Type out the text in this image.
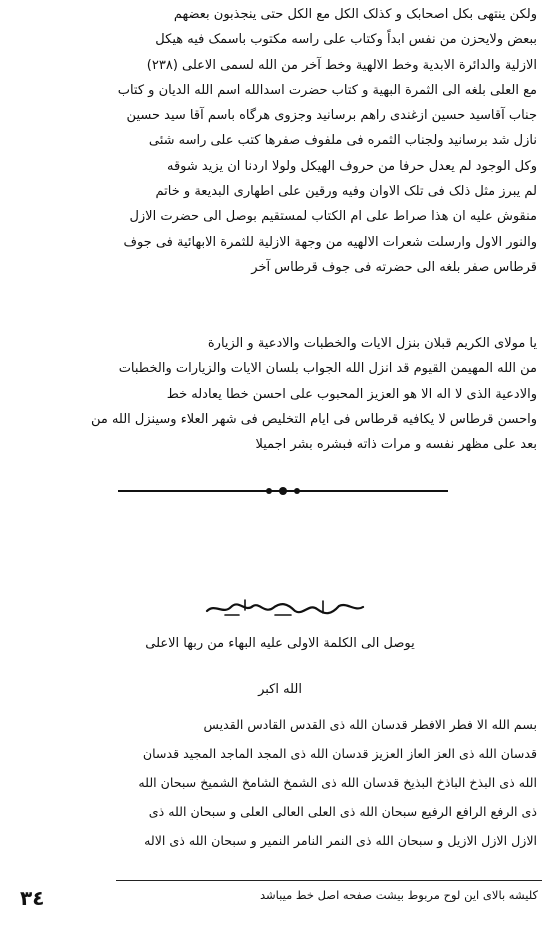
ولکن ینتهی بکل اصحابک و کذلک الکل مع الکل حتی ینجذبون بعضهم
ببعض ولایحزن من نفس ابداً وکتاب علی راسه مکتوب باسمک فیه هیکل
الازلیة والدائرة الابدیة وخط الالهیة وخط آخر من الله لسمی الاعلی (٢٣٨)
مع العلی بلغه الی الثمرة البهیة و کتاب حضرت اسدالله اسم الله الدیان و کتاب
جناب آقاسید حسین ازغندی راهم برسانید وجزوی هرگاه باسم آقا سید حسین
نازل شد برسانید ولجناب الثمره فی ملفوف صفرها کتب علی راسه شئی
وکل الوجود لم یعدل حرفا من حروف الهیکل ولولا اردنا ان یزید شوقه
لم یبرز مثل ذلک فی تلک الاوان وفیه ورقین علی اطهاری البدیعة و خاتم
منقوش علیه ان هذا صراط علی ام الکتاب لمستقیم بوصل الی حضرت الازل
والنور الاول وارسلت شعرات الالهیه من وجهة الازلیة للثمرة الابهائیة فی جوف
قرطاس صفر بلغه الی حضرته فی جوف قرطاس آخر
یا مولای الکریم قبلان بنزل الایات والخطبات والادعیة و الزیارة
من الله المهیمن القیوم قد انزل الله الجواب بلسان الایات والزیارات والخطبات
والادعیة الذی لا اله الا هو العزیز المحبوب علی احسن خطا یعادله خط
واحسن قرطاس لا یکافیه قرطاس فی ایام التخلیص فی شهر العلاء وسینزل الله من
بعد علی مظهر نفسه و مرات ذاته فبشره بشر اجمیلا
یوصل الی الکلمة الاولی علیه البهاء من ربها الاعلی
الله اکبر
بسم الله الا فطر الافطر قدسان الله ذی القدس القادس القدیس
قدسان الله ذی العز العاز العزیز قدسان الله ذی المجد الماجد المجید قدسان
الله ذی البذخ الباذخ البذیخ قدسان الله ذی الشمخ الشامخ الشمیخ سبحان الله
ذی الرفع الرافع الرفیع سبحان الله ذی العلی العالی العلی و سبحان الله ذی
الازل الازل الازیل و سبحان الله ذی النمر النامر النمیر و سبحان الله ذی الاله
کلیشه بالای این لوح مربوط بیشت صفحه اصل خط میباشد
٣٤
